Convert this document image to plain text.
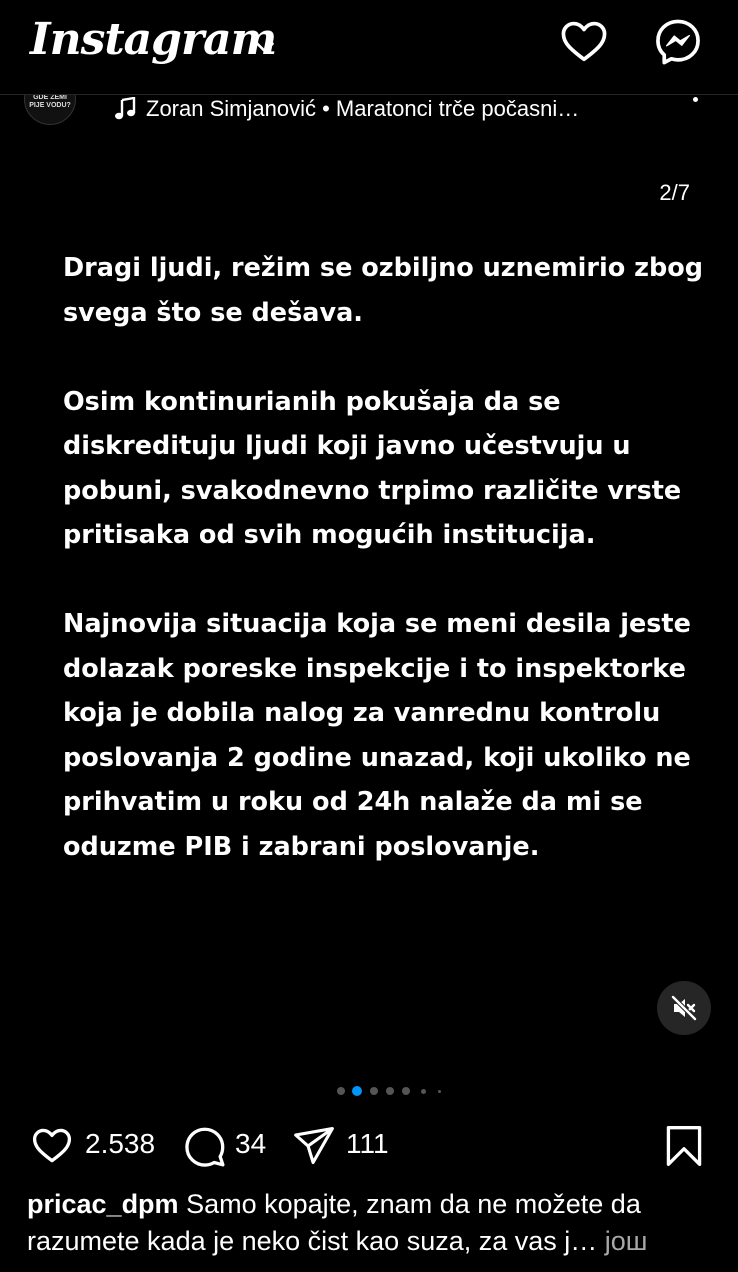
Instagram
GDE ZEMI
PIJE VODU?	Zoran Simjanović • Maratonci trče počasni…
2/7

Dragi ljudi, režim se ozbiljno uznemirio zbog svega što se dešava.

Osim kontinurianih pokušaja da se diskredituju ljudi koji javno učestvuju u pobuni, svakodnevno trpimo različite vrste pritisaka od svih mogućih institucija.

Najnovija situacija koja se meni desila jeste dolazak poreske inspekcije i to inspektorke koja je dobila nalog za vanrednu kontrolu poslovanja 2 godine unazad, koji ukoliko ne prihvatim u roku od 24h nalaže da mi se oduzme PIB i zabrani poslovanje.

2.538	34	111
pricac_dpm Samo kopajte, znam da ne možete da razumete kada je neko čist kao suza, za vas j… још
